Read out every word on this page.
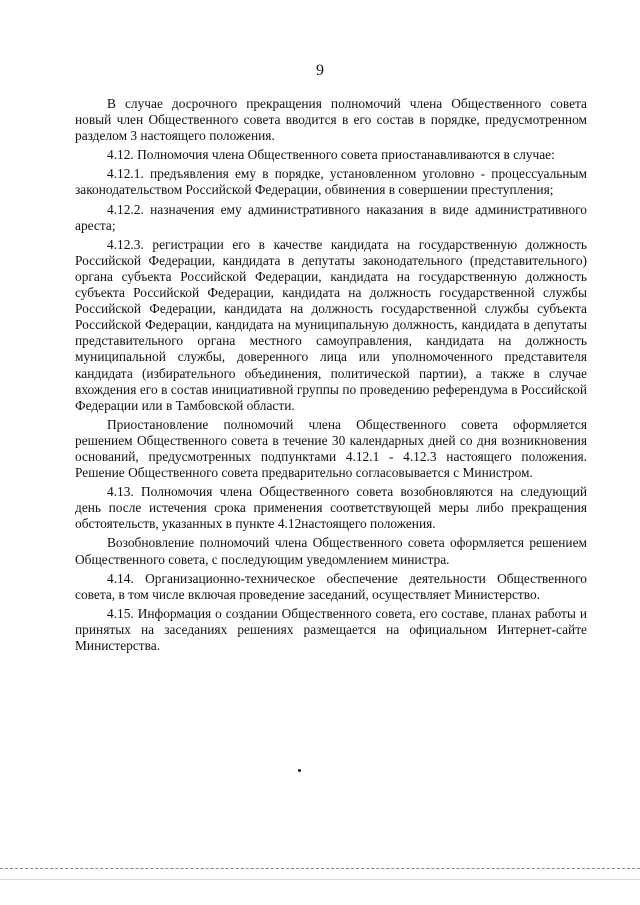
9

В случае досрочного прекращения полномочий члена Общественного совета новый член Общественного совета вводится в его состав в порядке, предусмотренном разделом 3 настоящего положения.

4.12. Полномочия члена Общественного совета приостанавливаются в случае:

4.12.1. предъявления ему в порядке, установленном уголовно - процессуальным законодательством Российской Федерации, обвинения в совершении преступления;

4.12.2. назначения ему административного наказания в виде административного ареста;

4.12.3. регистрации его в качестве кандидата на государственную должность Российской Федерации, кандидата в депутаты законодательного (представительного) органа субъекта Российской Федерации, кандидата на государственную должность субъекта Российской Федерации, кандидата на должность государственной службы Российской Федерации, кандидата на должность государственной службы субъекта Российской Федерации, кандидата на муниципальную должность, кандидата в депутаты представительного органа местного самоуправления, кандидата на должность муниципальной службы, доверенного лица или уполномоченного представителя кандидата (избирательного объединения, политической партии), а также в случае вхождения его в состав инициативной группы по проведению референдума в Российской Федерации или в Тамбовской области.

Приостановление полномочий члена Общественного совета оформляется решением Общественного совета в течение 30 календарных дней со дня возникновения оснований, предусмотренных подпунктами 4.12.1 - 4.12.3 настоящего положения. Решение Общественного совета предварительно согласовывается с Министром.

4.13. Полномочия члена Общественного совета возобновляются на следующий день после истечения срока применения соответствующей меры либо прекращения обстоятельств, указанных в пункте 4.12настоящего положения.

Возобновление полномочий члена Общественного совета оформляется решением Общественного совета, с последующим уведомлением министра.

4.14. Организационно-техническое обеспечение деятельности Общественного совета, в том числе включая проведение заседаний, осуществляет Министерство.

4.15. Информация о создании Общественного совета, его составе, планах работы и принятых на заседаниях решениях размещается на официальном Интернет-сайте Министерства.
